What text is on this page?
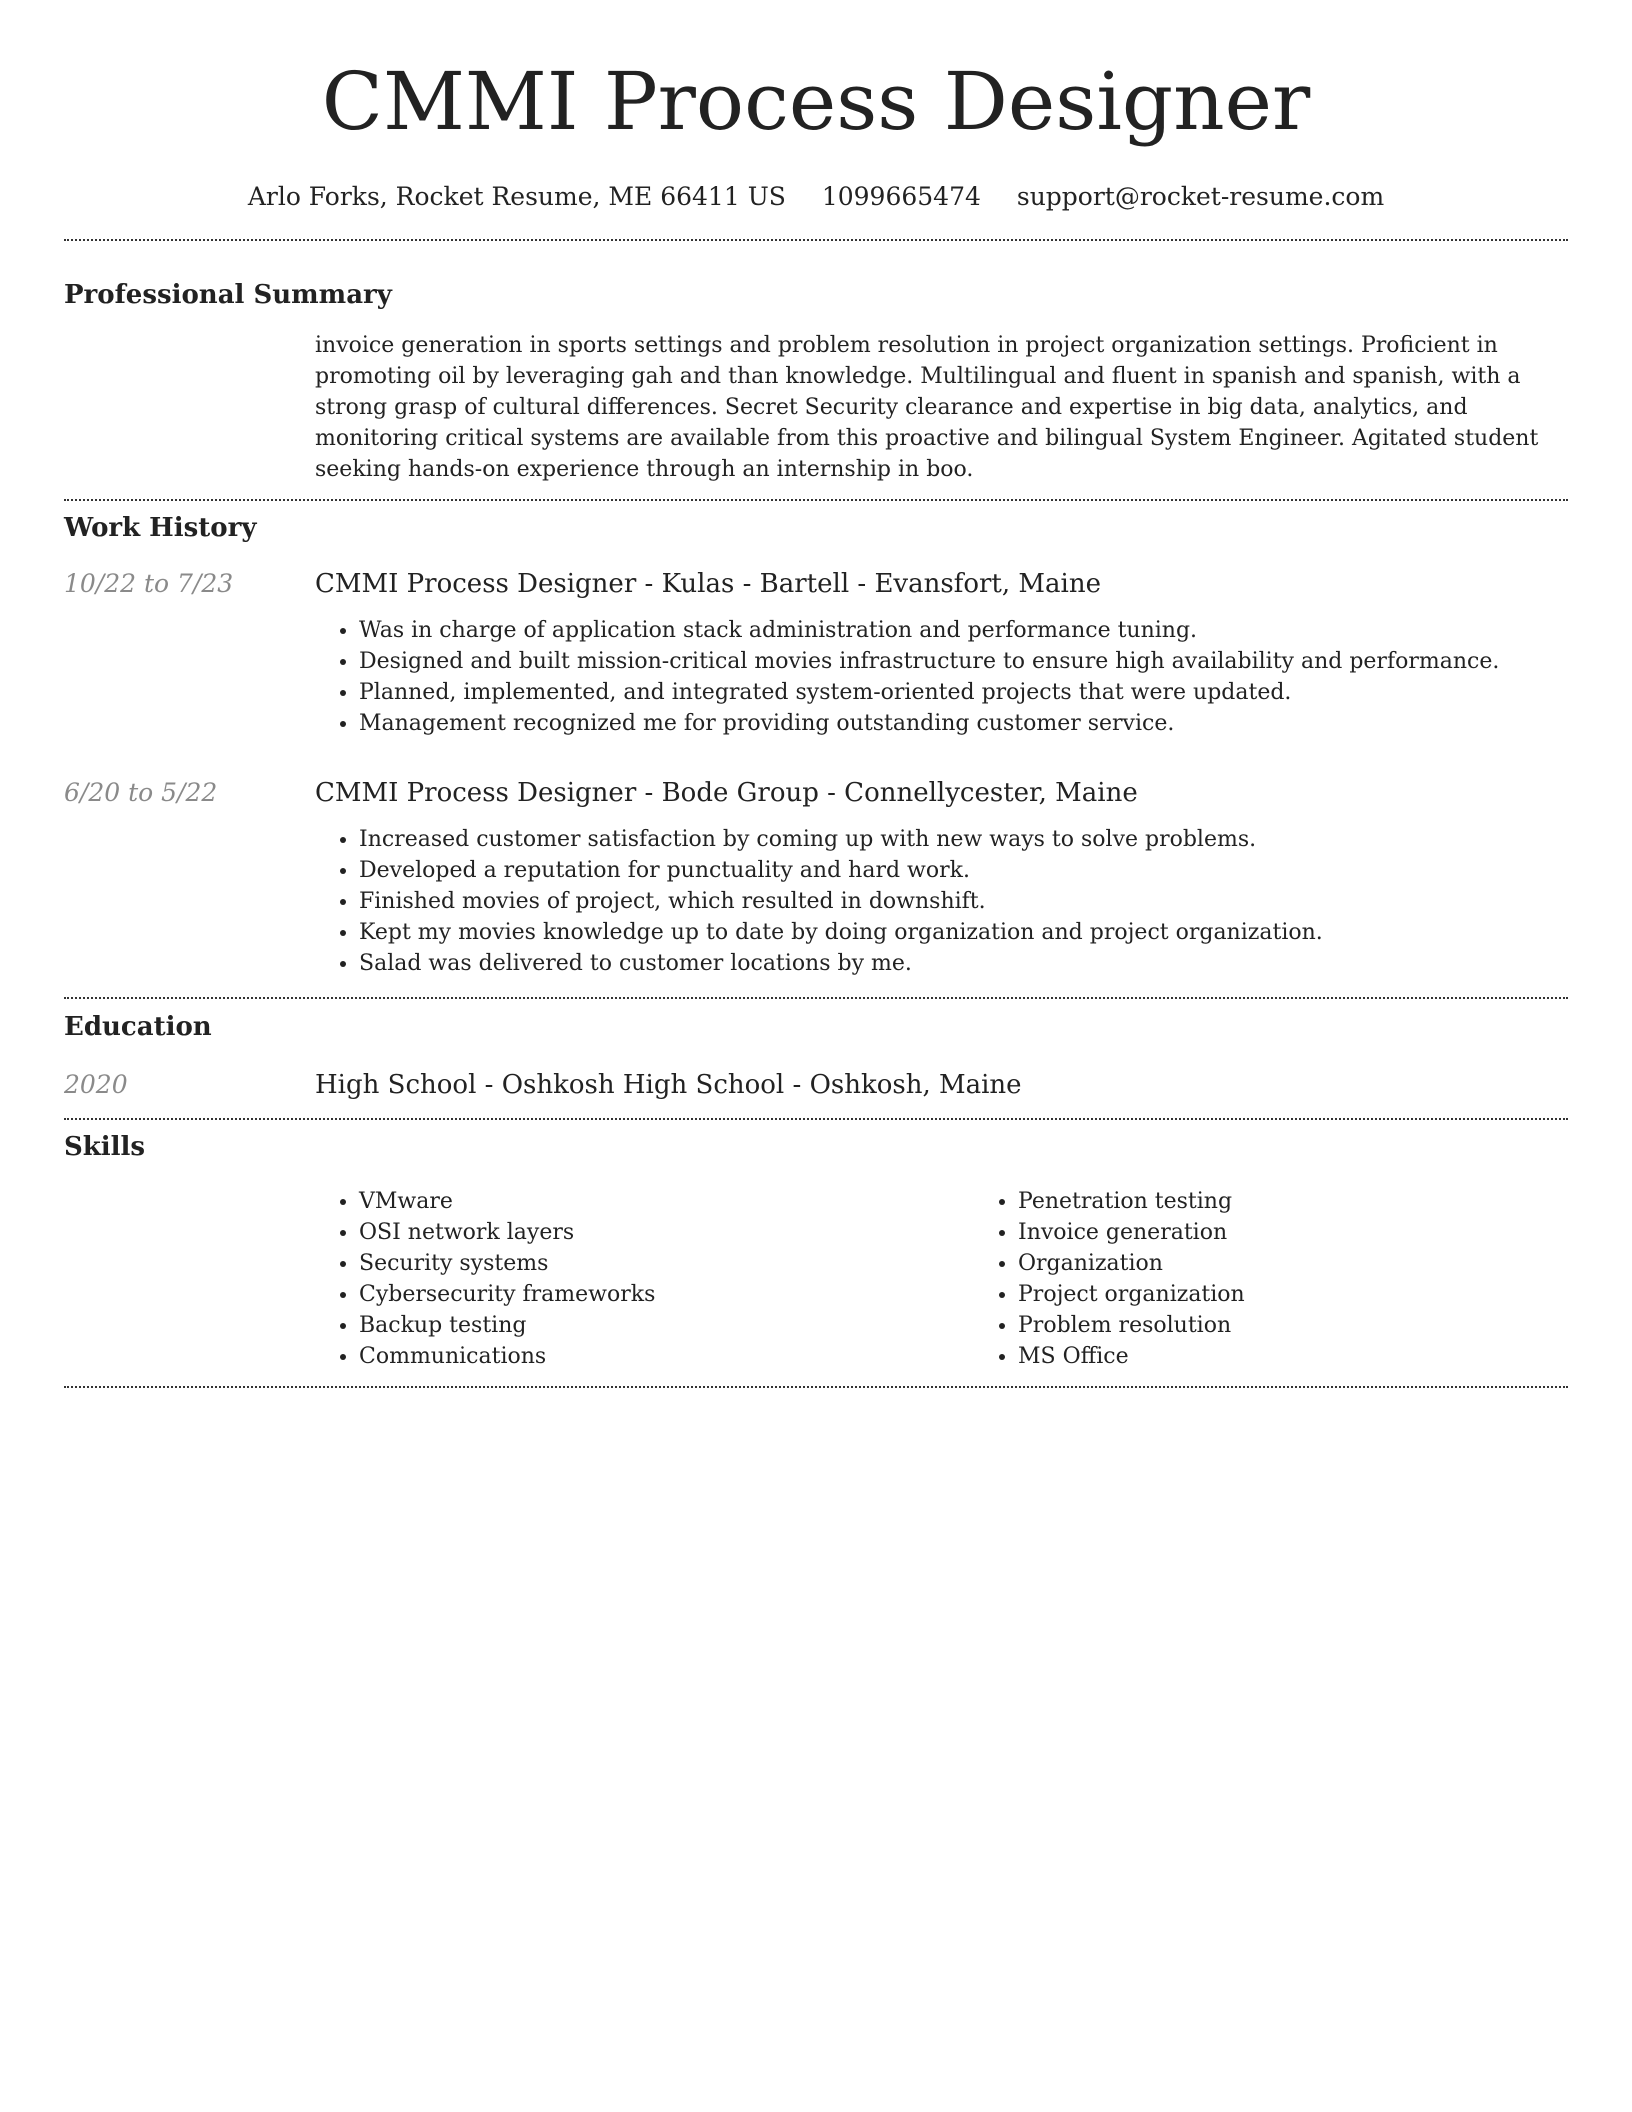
CMMI Process Designer
Arlo Forks, Rocket Resume, ME 66411 US 1099665474 support@rocket-resume.com
Professional Summary

invoice generation in sports settings and problem resolution in project organization settings. Proficient in promoting oil by leveraging gah and than knowledge. Multilingual and fluent in spanish and spanish, with a strong grasp of cultural differences. Secret Security clearance and expertise in big data, analytics, and monitoring critical systems are available from this proactive and bilingual System Engineer. Agitated student seeking hands-on experience through an internship in boo.

Work History
10/22 to 7/23	CMMI Process Designer - Kulas - Bartell - Evansfort, Maine
• Was in charge of application stack administration and performance tuning.
• Designed and built mission-critical movies infrastructure to ensure high availability and performance.
• Planned, implemented, and integrated system-oriented projects that were updated.
• Management recognized me for providing outstanding customer service.
6/20 to 5/22	CMMI Process Designer - Bode Group - Connellycester, Maine
• Increased customer satisfaction by coming up with new ways to solve problems.
• Developed a reputation for punctuality and hard work.
• Finished movies of project, which resulted in downshift.
• Kept my movies knowledge up to date by doing organization and project organization.
• Salad was delivered to customer locations by me.
Education
2020	High School - Oshkosh High School - Oshkosh, Maine
Skills
• VMware
• OSI network layers
• Security systems
• Cybersecurity frameworks
• Backup testing
• Communications
• Penetration testing
• Invoice generation
• Organization
• Project organization
• Problem resolution
• MS Office
